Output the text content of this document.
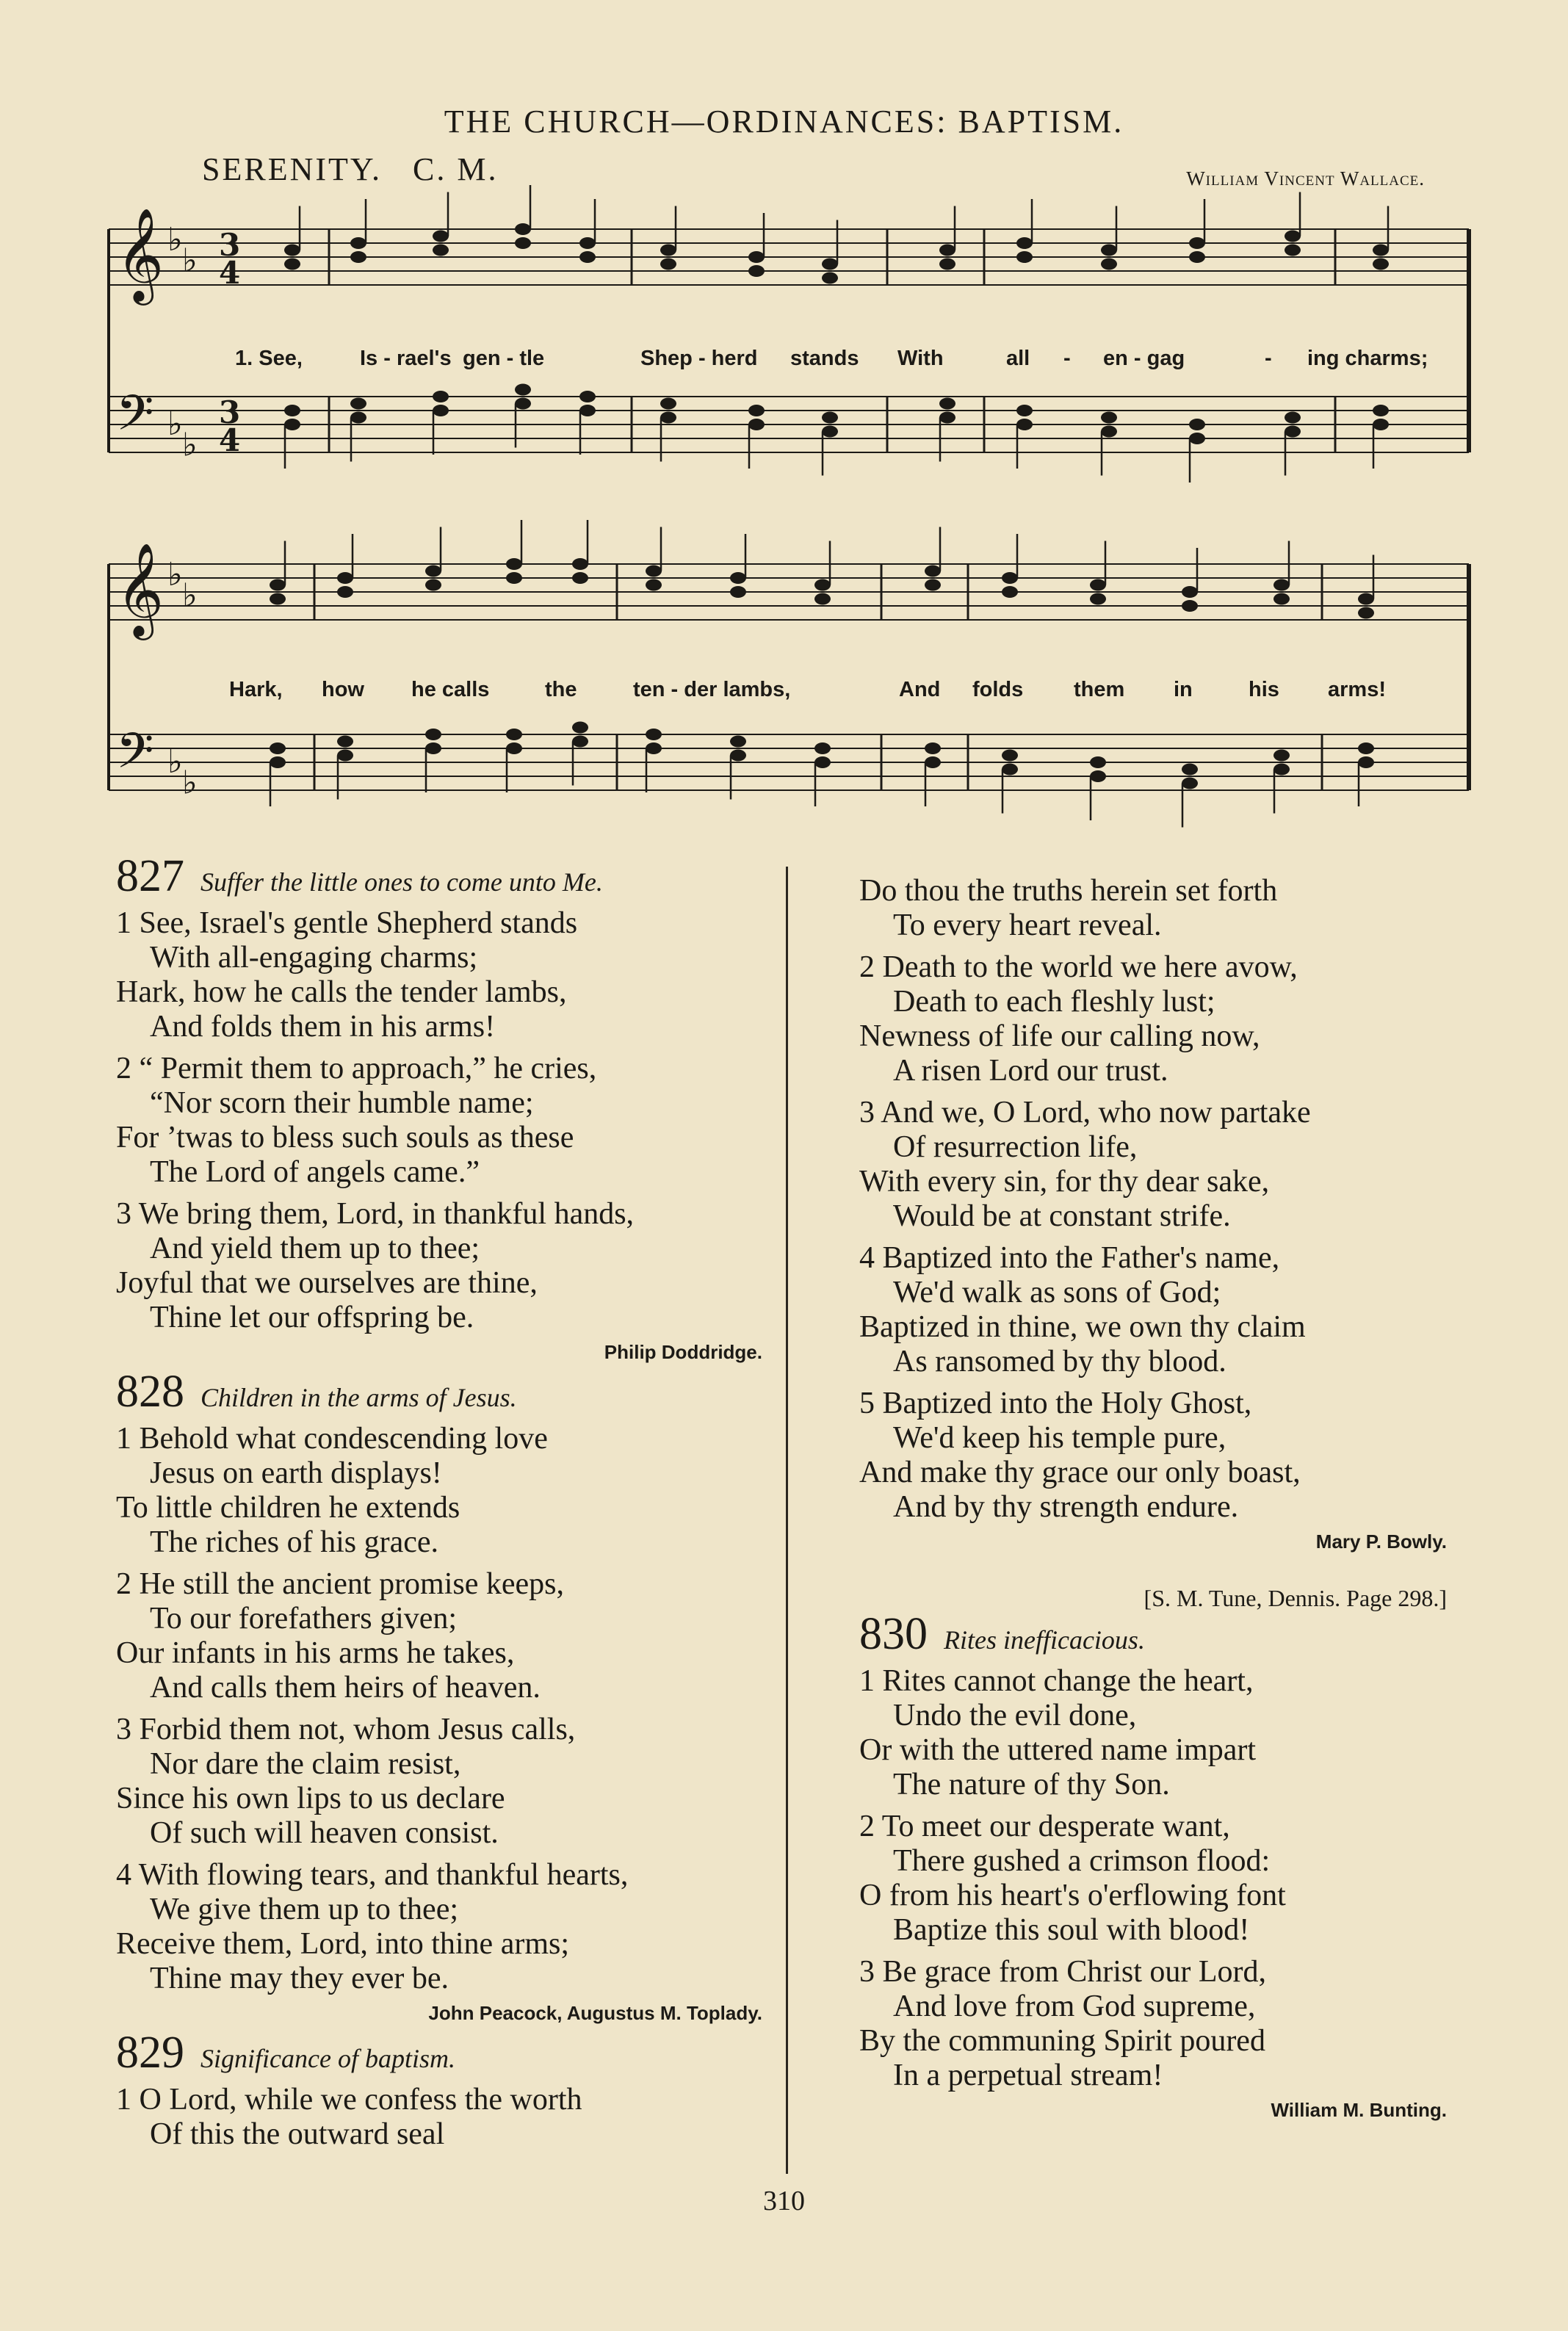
THE CHURCH—ORDINANCES: BAPTISM.
SERENITY. C. M.	William Vincent Wallace.
𝄞
𝄢
𝄞
𝄢
♭
♭
♭
♭
♭
♭
♭
♭
3
4
3
4
1. See,	Is - rael's gen - tle	Shep - herd stands With	all - en - gag	- ing charms;
Hark, how he calls	the	ten - der lambs,	And folds them in	his arms!
827 Suffer the little ones to come unto Me.
1 See, Israel's gentle Shepherd stands
With all-engaging charms;
Hark, how he calls the tender lambs,
And folds them in his arms!
2 “ Permit them to approach,” he cries,
“Nor scorn their humble name;
For ’twas to bless such souls as these
The Lord of angels came.”
3 We bring them, Lord, in thankful hands,
And yield them up to thee;
Joyful that we ourselves are thine,
Thine let our offspring be.
Philip Doddridge.
828 Children in the arms of Jesus.
1 Behold what condescending love
Jesus on earth displays!
To little children he extends
The riches of his grace.
2 He still the ancient promise keeps,
To our forefathers given;
Our infants in his arms he takes,
And calls them heirs of heaven.
3 Forbid them not, whom Jesus calls,
Nor dare the claim resist,
Since his own lips to us declare
Of such will heaven consist.
4 With flowing tears, and thankful hearts,
We give them up to thee;
Receive them, Lord, into thine arms;
Thine may they ever be.
John Peacock, Augustus M. Toplady.
829 Significance of baptism.
1 O Lord, while we confess the worth
Of this the outward seal
Do thou the truths herein set forth
To every heart reveal.
2 Death to the world we here avow,
Death to each fleshly lust;
Newness of life our calling now,
A risen Lord our trust.
3 And we, O Lord, who now partake
Of resurrection life,
With every sin, for thy dear sake,
Would be at constant strife.
4 Baptized into the Father's name,
We'd walk as sons of God;
Baptized in thine, we own thy claim
As ransomed by thy blood.
5 Baptized into the Holy Ghost,
We'd keep his temple pure,
And make thy grace our only boast,
And by thy strength endure.
Mary P. Bowly.
[S. M. Tune, Dennis. Page 298.]
830 Rites inefficacious.
1 Rites cannot change the heart,
Undo the evil done,
Or with the uttered name impart
The nature of thy Son.
2 To meet our desperate want,
There gushed a crimson flood:
O from his heart's o'erflowing font
Baptize this soul with blood!
3 Be grace from Christ our Lord,
And love from God supreme,
By the communing Spirit poured
In a perpetual stream!
William M. Bunting.
310
